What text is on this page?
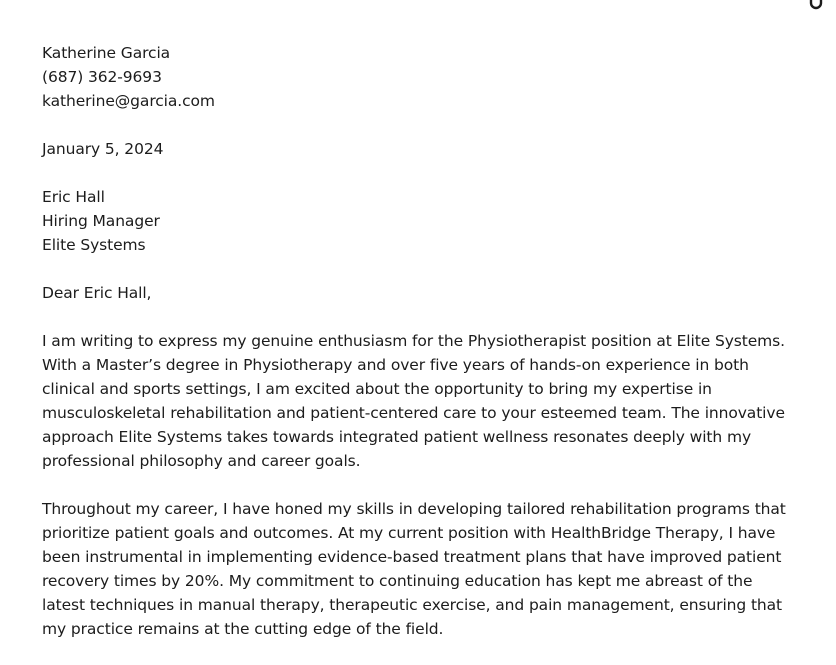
Katherine Garcia
(687) 362-9693
katherine@garcia.com
January 5, 2024
Eric Hall
Hiring Manager
Elite Systems
Dear Eric Hall,

I am writing to express my genuine enthusiasm for the Physiotherapist position at Elite Systems. With a Master’s degree in Physiotherapy and over five years of hands-on experience in both clinical and sports settings, I am excited about the opportunity to bring my expertise in musculoskeletal rehabilitation and patient-centered care to your esteemed team. The innovative approach Elite Systems takes towards integrated patient wellness resonates deeply with my professional philosophy and career goals.

Throughout my career, I have honed my skills in developing tailored rehabilitation programs that prioritize patient goals and outcomes. At my current position with HealthBridge Therapy, I have been instrumental in implementing evidence-based treatment plans that have improved patient recovery times by 20%. My commitment to continuing education has kept me abreast of the latest techniques in manual therapy, therapeutic exercise, and pain management, ensuring that my practice remains at the cutting edge of the field.
